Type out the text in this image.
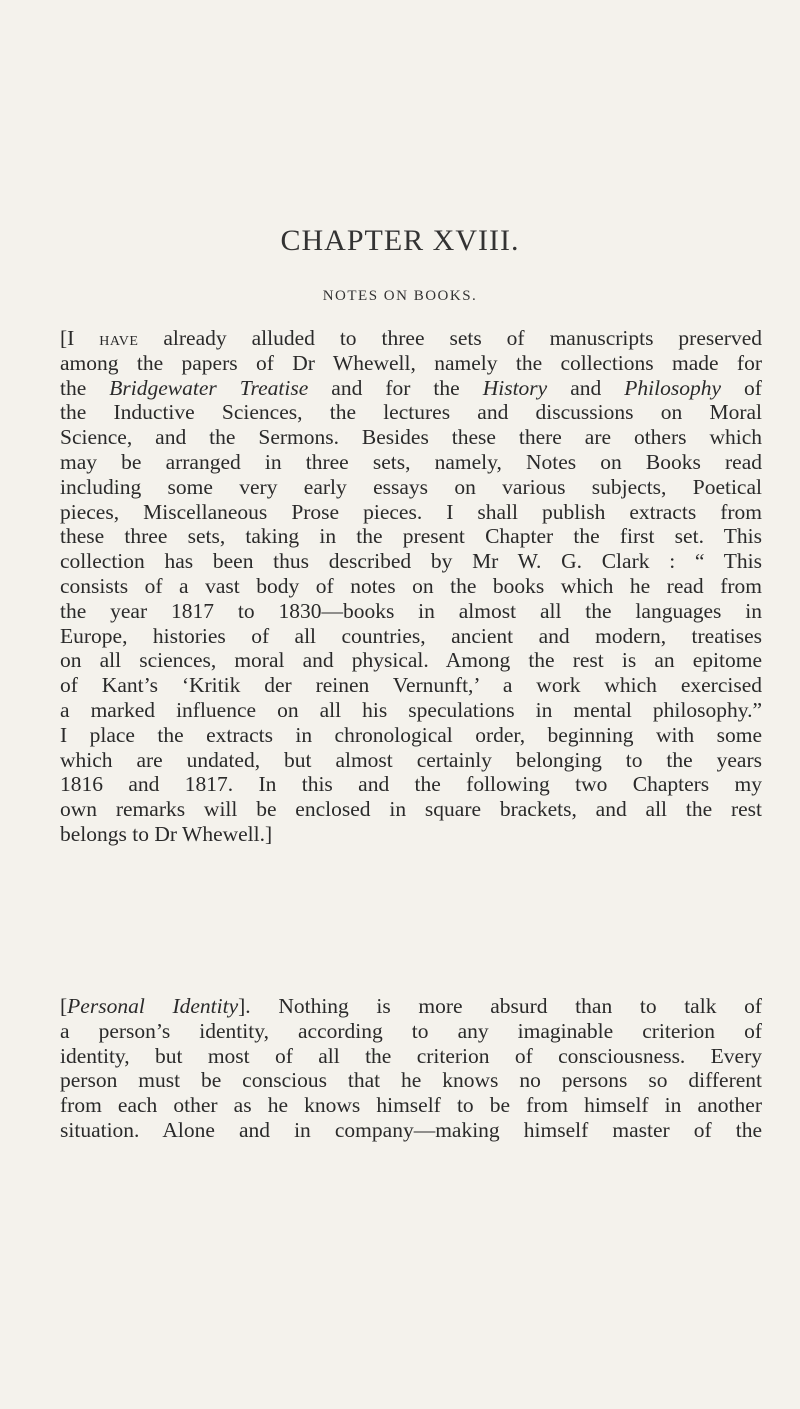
CHAPTER XVIII.
NOTES ON BOOKS.
[I HAVE already alluded to three sets of manuscripts preserved
among the papers of Dr Whewell, namely the collections made for
the Bridgewater Treatise and for the History and Philosophy of
the Inductive Sciences, the lectures and discussions on Moral
Science, and the Sermons. Besides these there are others which
may be arranged in three sets, namely, Notes on Books read
including some very early essays on various subjects, Poetical
pieces, Miscellaneous Prose pieces. I shall publish extracts from
these three sets, taking in the present Chapter the first set. This
collection has been thus described by Mr W. G. Clark : “ This
consists of a vast body of notes on the books which he read from
the year 1817 to 1830—books in almost all the languages in
Europe, histories of all countries, ancient and modern, treatises
on all sciences, moral and physical. Among the rest is an epitome
of Kant’s ‘Kritik der reinen Vernunft,’ a work which exercised
a marked influence on all his speculations in mental philosophy.”
I place the extracts in chronological order, beginning with some
which are undated, but almost certainly belonging to the years
1816 and 1817. In this and the following two Chapters my
own remarks will be enclosed in square brackets, and all the rest
belongs to Dr Whewell.]
[Personal Identity]. Nothing is more absurd than to talk of
a person’s identity, according to any imaginable criterion of
identity, but most of all the criterion of consciousness. Every
person must be conscious that he knows no persons so different
from each other as he knows himself to be from himself in another
situation. Alone and in company—making himself master of the
